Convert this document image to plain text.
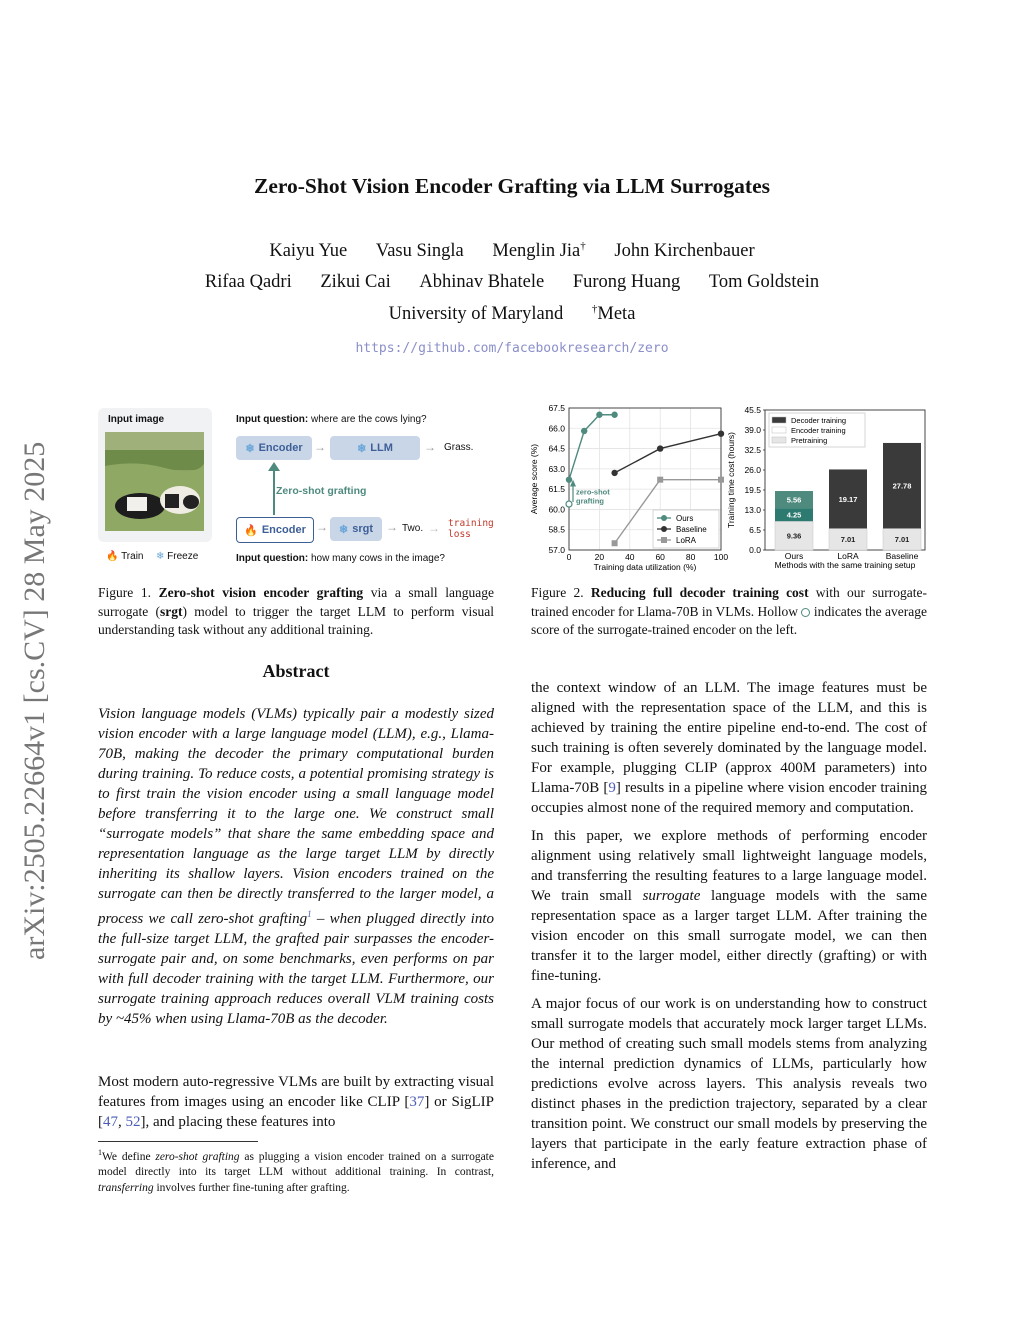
arXiv:2505.22664v1 [cs.CV] 28 May 2025
Zero-Shot Vision Encoder Grafting via LLM Surrogates
Kaiyu Yue Vasu Singla Menglin Jia† John Kirchenbauer
Rifaa Qadri Zikui Cai Abhinav Bhatele Furong Huang Tom Goldstein
University of Maryland	†Meta
https://github.com/facebookresearch/zero
Input image
🔥 Train ❄ Freeze
Input question: where are the cows lying?
❄ Encoder →	❄ LLM	→ Grass.
Zero-shot grafting
🔥 Encoder → ❄ srgt → Two. → training
loss
Input question: how many cows in the image?
Figure 1. Zero-shot vision encoder grafting via a small language surrogate (srgt) model to trigger the target LLM to perform visual understanding task without any additional training.
57.0
58.5
60.0
61.5
63.0
64.5
66.0
67.5
0	20 40 60 80 100
Training data utilization (%)
Average score (%)	zero-shot
grafting
Ours
Baseline
LoRA
0.0
6.5
13.0
19.5
26.0
32.5
39.0
45.5
Methods with the same training setup
Training time cost (hours)
9.36
4.25
5.56
Ours
7.01
19.17
LoRA
7.01
27.78
Baseline
Decoder training
Encoder training
Pretraining
Figure 2. Reducing full decoder training cost with our surrogate-trained encoder for Llama-70B in VLMs. Hollow  indicates the average score of the surrogate-trained encoder on the left.
Abstract
Vision language models (VLMs) typically pair a modestly sized vision encoder with a large language model (LLM), e.g., Llama-70B, making the decoder the primary computational burden during training. To reduce costs, a potential promising strategy is to first train the vision encoder using a small language model before transferring it to the large one. We construct small “surrogate models” that share the same embedding space and representation language as the large target LLM by directly inheriting its shallow layers. Vision encoders trained on the surrogate can then be directly transferred to the larger model, a process we call zero-shot grafting$^1$ – when plugged directly into the full-size target LLM, the grafted pair surpasses the encoder-surrogate pair and, on some benchmarks, even performs on par with full decoder training with the target LLM. Furthermore, our surrogate training approach reduces overall VLM training costs by ~45% when using Llama-70B as the decoder.
Most modern auto-regressive VLMs are built by extracting visual features from images using an encoder like CLIP [37] or SigLIP [47, 52], and placing these features into
$^1$We define zero-shot grafting as plugging a vision encoder trained on a surrogate model directly into its target LLM without additional training. In contrast, transferring involves further fine-tuning after grafting.

the context window of an LLM. The image features must be aligned with the representation space of the LLM, and this is achieved by training the entire pipeline end-to-end. The cost of such training is often severely dominated by the language model. For example, plugging CLIP (approx 400M parameters) into Llama-70B [9] results in a pipeline where vision encoder training occupies almost none of the required memory and computation.

In this paper, we explore methods of performing encoder alignment using relatively small lightweight language models, and transferring the resulting features to a large language model. We train small surrogate language models with the same representation space as a larger target LLM. After training the vision encoder on this small surrogate model, we can then transfer it to the larger model, either directly (grafting) or with fine-tuning.

A major focus of our work is on understanding how to construct small surrogate models that accurately mock larger target LLMs. Our method of creating such small models stems from analyzing the internal prediction dynamics of LLMs, particularly how predictions evolve across layers. This analysis reveals two distinct phases in the prediction trajectory, separated by a clear transition point. We construct our small models by preserving the layers that participate in the early feature extraction phase of inference, and
